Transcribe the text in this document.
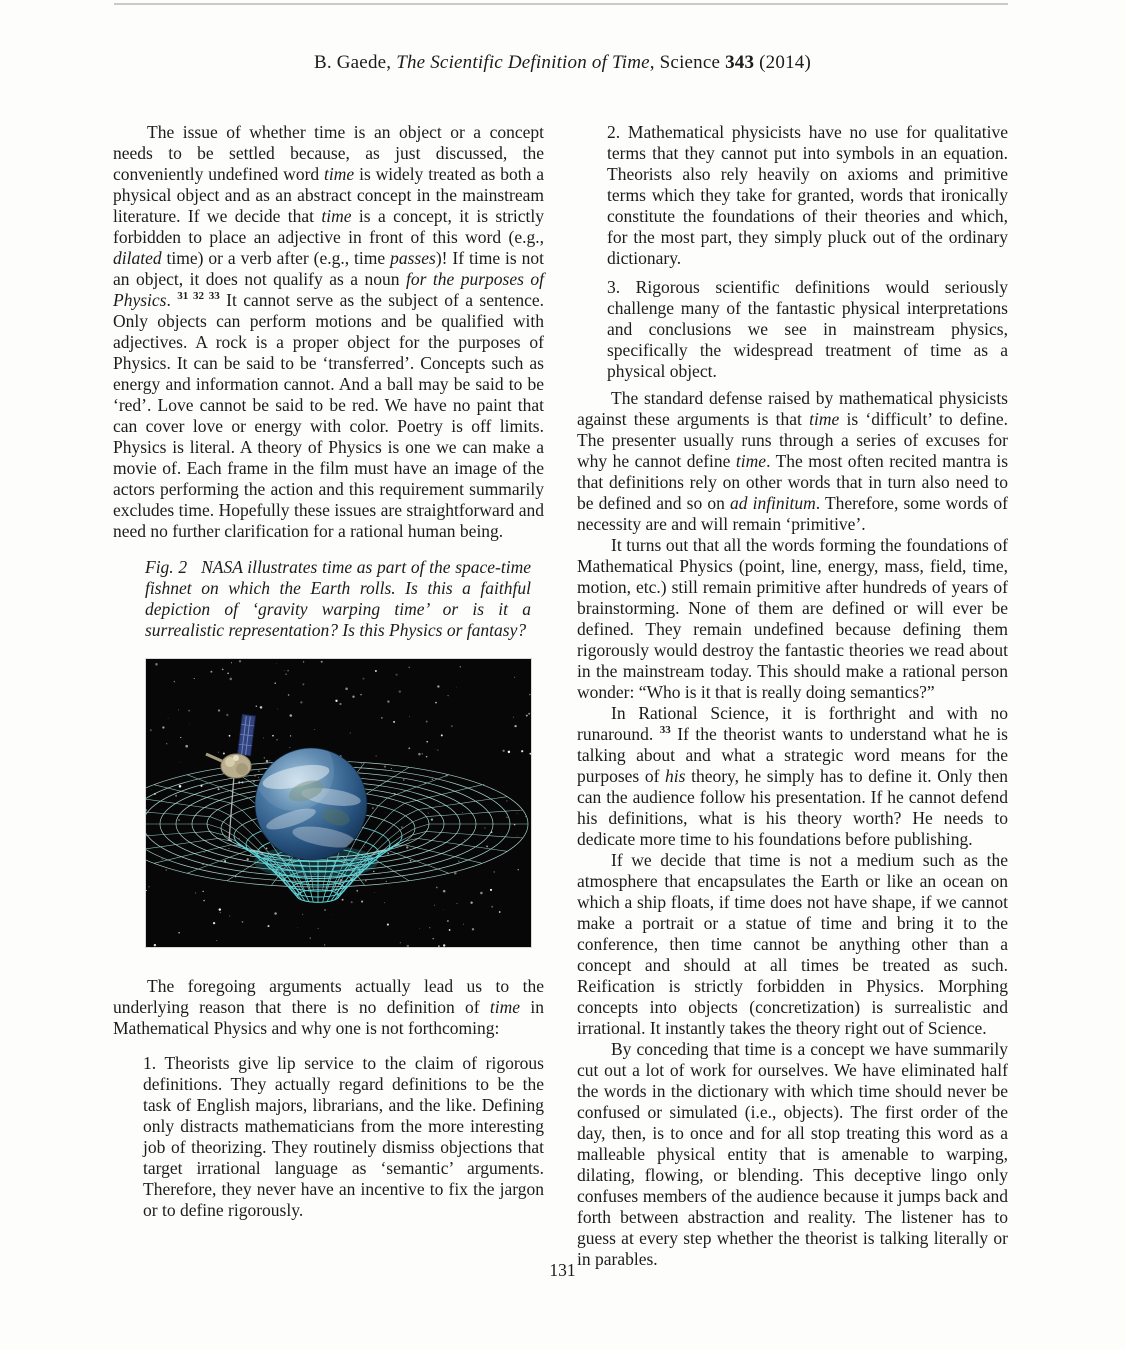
B. Gaede, The Scientific Definition of Time, Science 343 (2014)

The issue of whether time is an object or a concept needs to be settled because, as just discussed, the conveniently undefined word time is widely treated as both a physical object and as an abstract concept in the mainstream literature. If we decide that time is a concept, it is strictly forbidden to place an adjective in front of this word (e.g., dilated time) or a verb after (e.g., time passes)! If time is not an object, it does not qualify as a noun for the purposes of Physics. $^{31 32 33}$ It cannot serve as the subject of a sentence. Only objects can perform motions and be qualified with adjectives. A rock is a proper object for the purposes of Physics. It can be said to be ‘transferred’. Concepts such as energy and information cannot. And a ball may be said to be ‘red’. Love cannot be said to be red. We have no paint that can cover love or energy with color. Poetry is off limits. Physics is literal. A theory of Physics is one we can make a movie of. Each frame in the film must have an image of the actors performing the action and this requirement summarily excludes time. Hopefully these issues are straightforward and need no further clarification for a rational human being.

Fig. 2   NASA illustrates time as part of the space-time fishnet on which the Earth rolls. Is this a faithful depiction of ‘gravity warping time’ or is it a surrealistic representation? Is this Physics or fantasy?

The foregoing arguments actually lead us to the underlying reason that there is no definition of time in Mathematical Physics and why one is not forthcoming:

1. Theorists give lip service to the claim of rigorous definitions. They actually regard definitions to be the task of English majors, librarians, and the like. Defining only distracts mathematicians from the more interesting job of theorizing. They routinely dismiss objections that target irrational language as ‘semantic’ arguments. Therefore, they never have an incentive to fix the jargon or to define rigorously.
2. Mathematical physicists have no use for qualitative terms that they cannot put into symbols in an equation. Theorists also rely heavily on axioms and primitive terms which they take for granted, words that ironically constitute the foundations of their theories and which, for the most part, they simply pluck out of the ordinary dictionary.
3. Rigorous scientific definitions would seriously challenge many of the fantastic physical interpretations and conclusions we see in mainstream physics, specifically the widespread treatment of time as a physical object.

The standard defense raised by mathematical physicists against these arguments is that time is ‘difficult’ to define. The presenter usually runs through a series of excuses for why he cannot define time. The most often recited mantra is that definitions rely on other words that in turn also need to be defined and so on ad infinitum. Therefore, some words of necessity are and will remain ‘primitive’.

It turns out that all the words forming the foundations of Mathematical Physics (point, line, energy, mass, field, time, motion, etc.) still remain primitive after hundreds of years of brainstorming. None of them are defined or will ever be defined. They remain undefined because defining them rigorously would destroy the fantastic theories we read about in the mainstream today. This should make a rational person wonder: “Who is it that is really doing semantics?”

In Rational Science, it is forthright and with no runaround. $^{33}$ If the theorist wants to understand what he is talking about and what a strategic word means for the purposes of his theory, he simply has to define it. Only then can the audience follow his presentation. If he cannot defend his definitions, what is his theory worth? He needs to dedicate more time to his foundations before publishing.

If we decide that time is not a medium such as the atmosphere that encapsulates the Earth or like an ocean on which a ship floats, if time does not have shape, if we cannot make a portrait or a statue of time and bring it to the conference, then time cannot be anything other than a concept and should at all times be treated as such. Reification is strictly forbidden in Physics. Morphing concepts into objects (concretization) is surrealistic and irrational. It instantly takes the theory right out of Science.

By conceding that time is a concept we have summarily cut out a lot of work for ourselves. We have eliminated half the words in the dictionary with which time should never be confused or simulated (i.e., objects). The first order of the day, then, is to once and for all stop treating this word as a malleable physical entity that is amenable to warping, dilating, flowing, or blending. This deceptive lingo only confuses members of the audience because it jumps back and forth between abstraction and reality. The listener has to guess at every step whether the theorist is talking literally or in parables.

131
